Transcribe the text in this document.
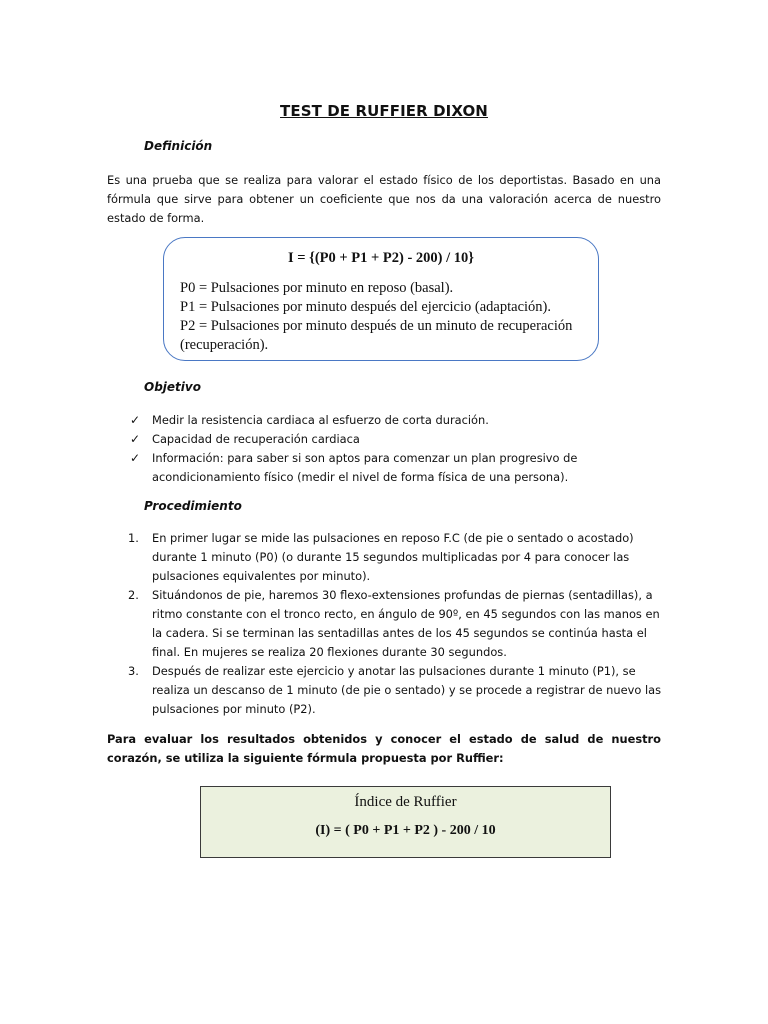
TEST DE RUFFIER DIXON
Definición
Es una prueba que se realiza para valorar el estado físico de los deportistas. Basado en una fórmula que sirve para obtener un coeficiente que nos da una valoración acerca de nuestro estado de forma.
I = {(P0 + P1 + P2) - 200) / 10}
P0 = Pulsaciones por minuto en reposo (basal).
P1 = Pulsaciones por minuto después del ejercicio (adaptación).
P2 = Pulsaciones por minuto después de un minuto de recuperación
(recuperación).
Objetivo
✓ Medir la resistencia cardiaca al esfuerzo de corta duración.
✓ Capacidad de recuperación cardiaca
✓ Información: para saber si son aptos para comenzar un plan progresivo de acondicionamiento físico (medir el nivel de forma física de una persona).
Procedimiento
1. En primer lugar se mide las pulsaciones en reposo F.C (de pie o sentado o acostado) durante 1 minuto (P0) (o durante 15 segundos multiplicadas por 4 para conocer las pulsaciones equivalentes por minuto).
2. Situándonos de pie, haremos 30 flexo-extensiones profundas de piernas (sentadillas), a ritmo constante con el tronco recto, en ángulo de 90º, en 45 segundos con las manos en la cadera. Si se terminan las sentadillas antes de los 45 segundos se continúa hasta el final. En mujeres se realiza 20 flexiones durante 30 segundos.
3. Después de realizar este ejercicio y anotar las pulsaciones durante 1 minuto (P1), se realiza un descanso de 1 minuto (de pie o sentado) y se procede a registrar de nuevo las pulsaciones por minuto (P2).
Para evaluar los resultados obtenidos y conocer el estado de salud de nuestro corazón, se utiliza la siguiente fórmula propuesta por Ruffier:
Índice de Ruffier
(I) = ( P0 + P1 + P2 ) - 200 / 10
